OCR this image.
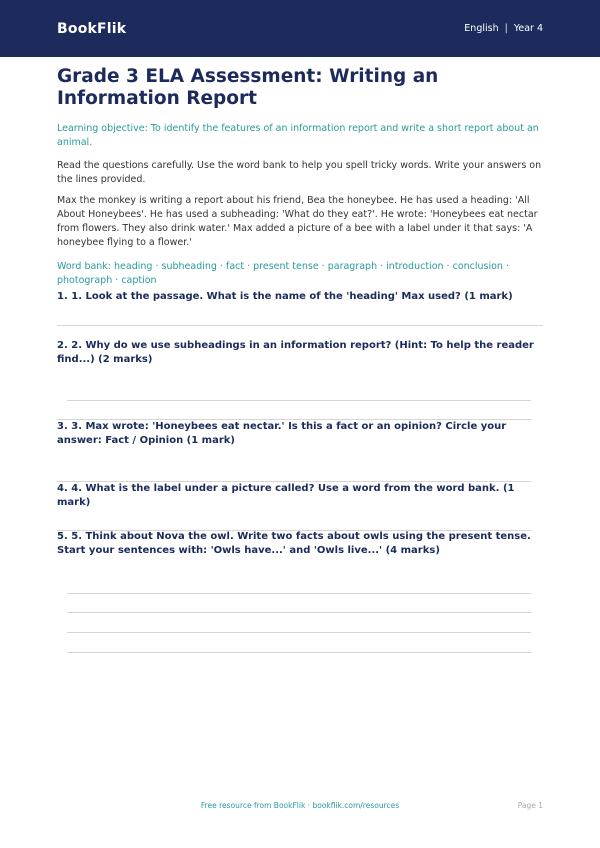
BookFlik	English | Year 4
Grade 3 ELA Assessment: Writing an Information Report

Learning objective: To identify the features of an information report and write a short report about an animal.

Read the questions carefully. Use the word bank to help you spell tricky words. Write your answers on the lines provided.

Max the monkey is writing a report about his friend, Bea the honeybee. He has used a heading: 'All About Honeybees'. He has used a subheading: 'What do they eat?'. He wrote: 'Honeybees eat nectar from flowers. They also drink water.' Max added a picture of a bee with a label under it that says: 'A honeybee flying to a flower.'

Word bank: heading · subheading · fact · present tense · paragraph · introduction · conclusion · photograph · caption

1. 1. Look at the passage. What is the name of the 'heading' Max used? (1 mark)
2. 2. Why do we use subheadings in an information report? (Hint: To help the reader find...) (2 marks)
3. 3. Max wrote: 'Honeybees eat nectar.' Is this a fact or an opinion? Circle your answer: Fact / Opinion (1 mark)
4. 4. What is the label under a picture called? Use a word from the word bank. (1 mark)
5. 5. Think about Nova the owl. Write two facts about owls using the present tense. Start your sentences with: 'Owls have...' and 'Owls live...' (4 marks)
Free resource from BookFlik · bookflik.com/resources	Page 1
